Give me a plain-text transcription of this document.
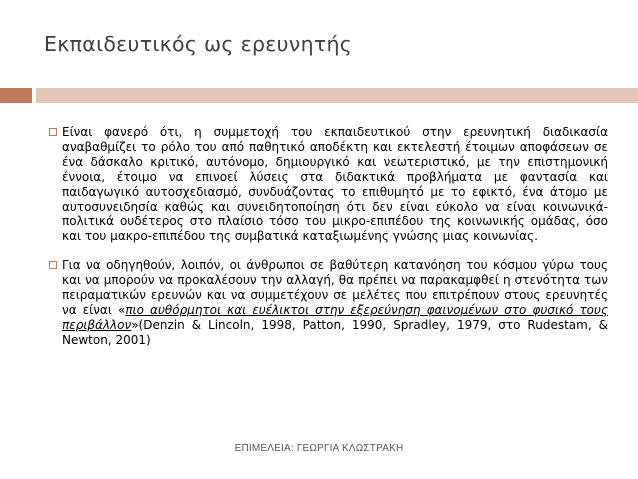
Εκπαιδευτικός ως ερευνητής

Είναι φανερό ότι, η συμμετοχή του εκπαιδευτικού στην ερευνητική διαδικασία αναβαθμίζει το ρόλο του από παθητικό αποδέκτη και εκτελεστή έτοιμων αποφάσεων σε ένα δάσκαλο κριτικό, αυτόνομο, δημιουργικό και νεωτεριστικό, με την επιστημονική έννοια, έτοιμο να επινοεί λύσεις στα διδακτικά προβλήματα με φαντασία και παιδαγωγικό αυτοσχεδιασμό, συνδυάζοντας το επιθυμητό με το εφικτό, ένα άτομο με αυτοσυνειδησία καθώς και συνειδητοποίηση ότι δεν είναι εύκολο να είναι κοινωνικά-πολιτικά ουδέτερος στο πλαίσιο τόσο του μικρο-επιπέδου της κοινωνικής ομάδας, όσο και του μακρο-επιπέδου της συμβατικά καταξιωμένης γνώσης μιας κοινωνίας.

Για να οδηγηθούν, λοιπόν, οι άνθρωποι σε βαθύτερη κατανόηση του κόσμου γύρω τους και να μπορούν να προκαλέσουν την αλλαγή, θα πρέπει να παρακαμφθεί η στενότητα των πειραματικών ερευνών και να συμμετέχουν σε μελέτες που επιτρέπουν στους ερευνητές να είναι «πιο αυθόρμητοι και ευέλικτοι στην εξερεύνηση φαινομένων στο φυσικό τους περιβάλλον»(Denzin & Lincoln, 1998, Patton, 1990, Spradley, 1979, στο Rudestam, & Newton, 2001)

ΕΠΙΜΕΛΕΙΑ: ΓΕΩΡΓΙΑ ΚΛΩΣΤΡΑΚΗ
